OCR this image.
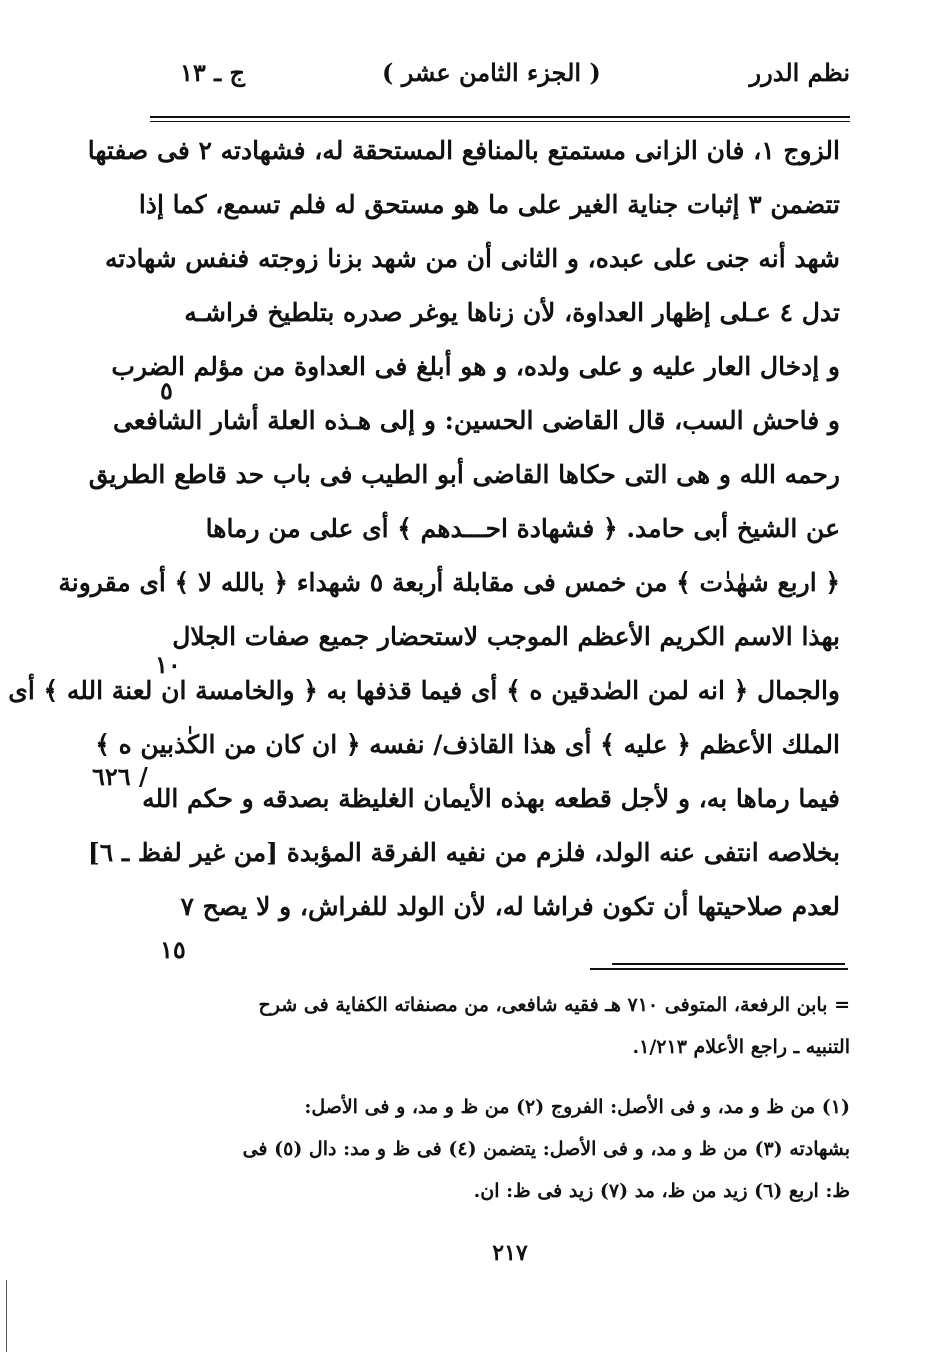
نظم الدرر
( الجزء الثامن عشر )
ج ـ ١٣
الزوج ١، فان الزانى مستمتع بالمنافع المستحقة له، فشهادته ٢ فى صفتها
تتضمن ٣ إثبات جناية الغير على ما هو مستحق له فلم تسمع، كما إذا
شهد أنه جنى على عبده، و الثانى أن من شهد بزنا زوجته فنفس شهادته
تدل ٤ عـلى إظهار العداوة، لأن زناها يوغر صدره بتلطيخ فراشـه
و إدخال العار عليه و على ولده، و هو أبلغ فى العداوة من مؤلم الضرب
و فاحش السب، قال القاضى الحسين: و إلى هـذه العلة أشار الشافعى
رحمه الله و هى التى حكاها القاضى أبو الطيب فى باب حد قاطع الطريق
عن الشيخ أبى حامد. ﴿ فشهادة احـــدهم ﴾ أى على من رماها
﴿ اربع شهٰدٰت ﴾ من خمس فى مقابلة أربعة ٥ شهداء ﴿ بالله لا ﴾ أى مقرونة
بهذا الاسم الكريم الأعظم الموجب لاستحضار جميع صفات الجلال
والجمال ﴿ انه لمن الصٰدقين ه ﴾ أى فيما قذفها به ﴿ والخامسة ان لعنة الله ﴾ أى
الملك الأعظم ﴿ عليه ﴾ أى هذا القاذف/ نفسه ﴿ ان كان من الكٰذبين ه ﴾
فيما رماها به، و لأجل قطعه بهذه الأيمان الغليظة بصدقه و حكم الله
بخلاصه انتفى عنه الولد، فلزم من نفيه الفرقة المؤبدة [من غير لفظ ـ ٦]
لعدم صلاحيتها أن تكون فراشا له، لأن الولد للفراش، و لا يصح ٧
٥
١٠
١٥
/ ٦٢٦
= بابن الرفعة، المتوفى ٧١٠ هـ فقيه شافعى، من مصنفاته الكفاية فى شرح
التنبيه ـ راجع الأعلام ١/٢١٣.
(١) من ظ و مد، و فى الأصل: الفروج (٢) من ظ و مد، و فى الأصل:
بشهادته (٣) من ظ و مد، و فى الأصل: يتضمن (٤) فى ظ و مد: دال (٥) فى
ظ: اربع (٦) زيد من ظ، مد (٧) زيد فى ظ: ان.
٢١٧
